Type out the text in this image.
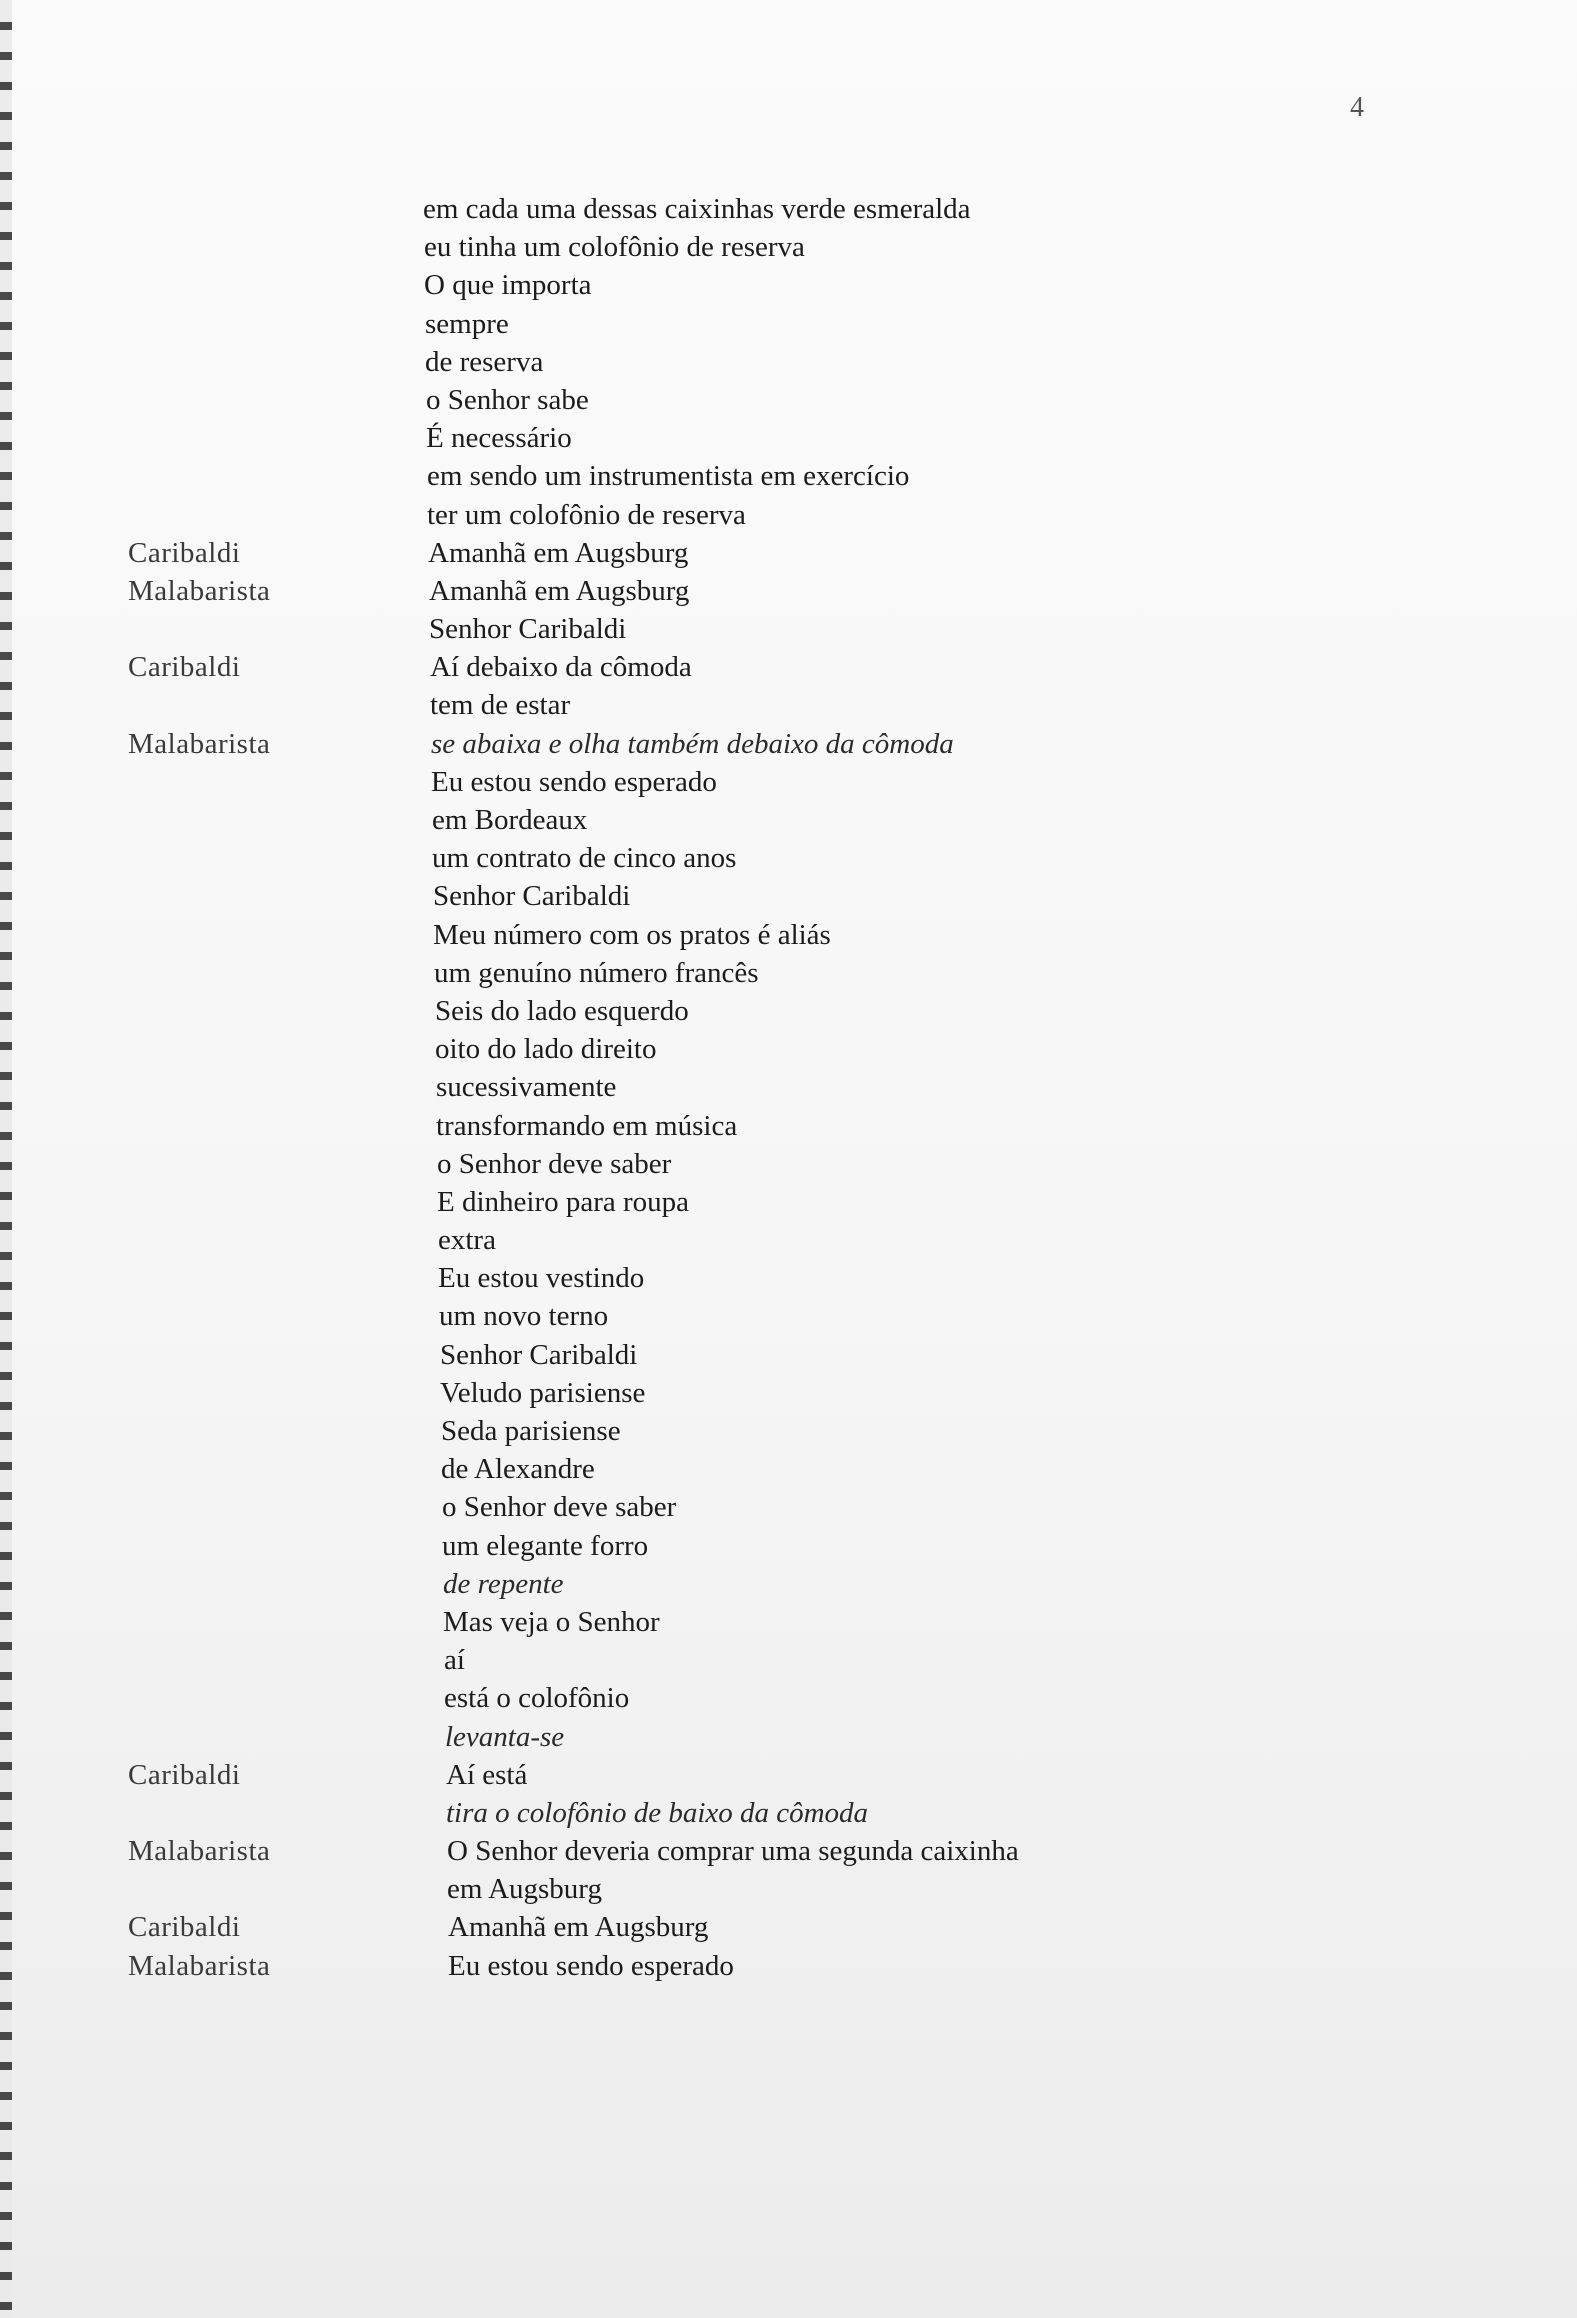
4
em cada uma dessas caixinhas verde esmeralda
eu tinha um colofônio de reserva
O que importa
sempre
de reserva
o Senhor sabe
É necessário
em sendo um instrumentista em exercício
ter um colofônio de reserva
Caribaldi	Amanhã em Augsburg
Malabarista	Amanhã em Augsburg
Senhor Caribaldi
Caribaldi	Aí debaixo da cômoda
tem de estar
Malabarista	se abaixa e olha também debaixo da cômoda
Eu estou sendo esperado
em Bordeaux
um contrato de cinco anos
Senhor Caribaldi
Meu número com os pratos é aliás
um genuíno número francês
Seis do lado esquerdo
oito do lado direito
sucessivamente
transformando em música
o Senhor deve saber
E dinheiro para roupa
extra
Eu estou vestindo
um novo terno
Senhor Caribaldi
Veludo parisiense
Seda parisiense
de Alexandre
o Senhor deve saber
um elegante forro
de repente
Mas veja o Senhor
aí
está o colofônio
levanta-se
Caribaldi	Aí está
tira o colofônio de baixo da cômoda
Malabarista	O Senhor deveria comprar uma segunda caixinha
em Augsburg
Caribaldi	Amanhã em Augsburg
Malabarista	Eu estou sendo esperado
